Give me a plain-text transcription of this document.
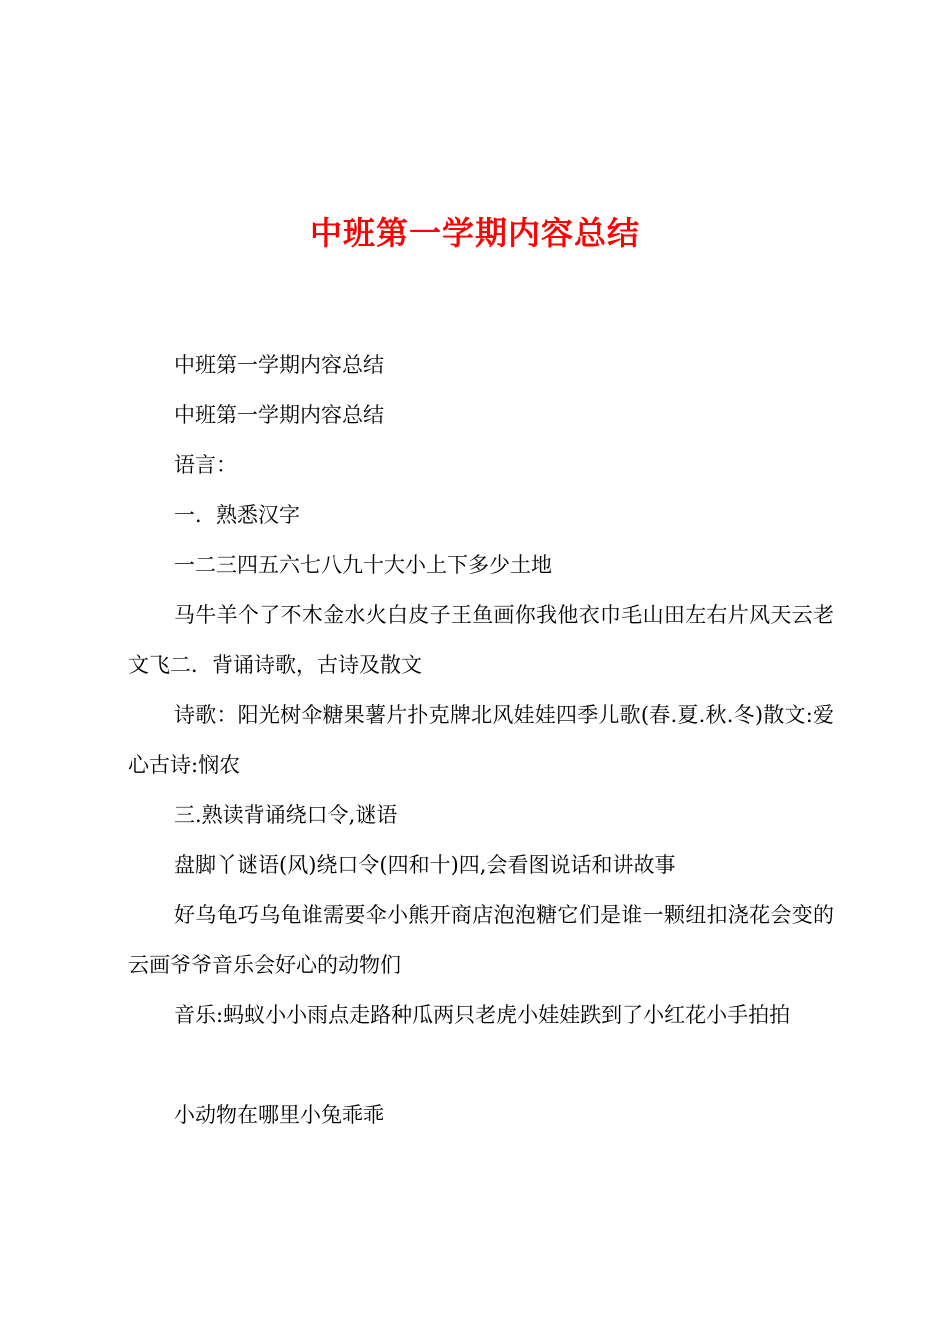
中班第一学期内容总结

中班第一学期内容总结

中班第一学期内容总结

语言：

一．熟悉汉字

一二三四五六七八九十大小上下多少土地

马牛羊个了不木金水火白皮子王鱼画你我他衣巾毛山田左右片风天云老文飞二．背诵诗歌，古诗及散文

诗歌：阳光树伞糖果薯片扑克牌北风娃娃四季儿歌(春.夏.秋.冬)散文:爱心古诗:悯农

三.熟读背诵绕口令,谜语

盘脚丫谜语(风)绕口令(四和十)四,会看图说话和讲故事

好乌龟巧乌龟谁需要伞小熊开商店泡泡糖它们是谁一颗纽扣浇花会变的云画爷爷音乐会好心的动物们

音乐:蚂蚁小小雨点走路种瓜两只老虎小娃娃跌到了小红花小手拍拍

小动物在哪里小兔乖乖
